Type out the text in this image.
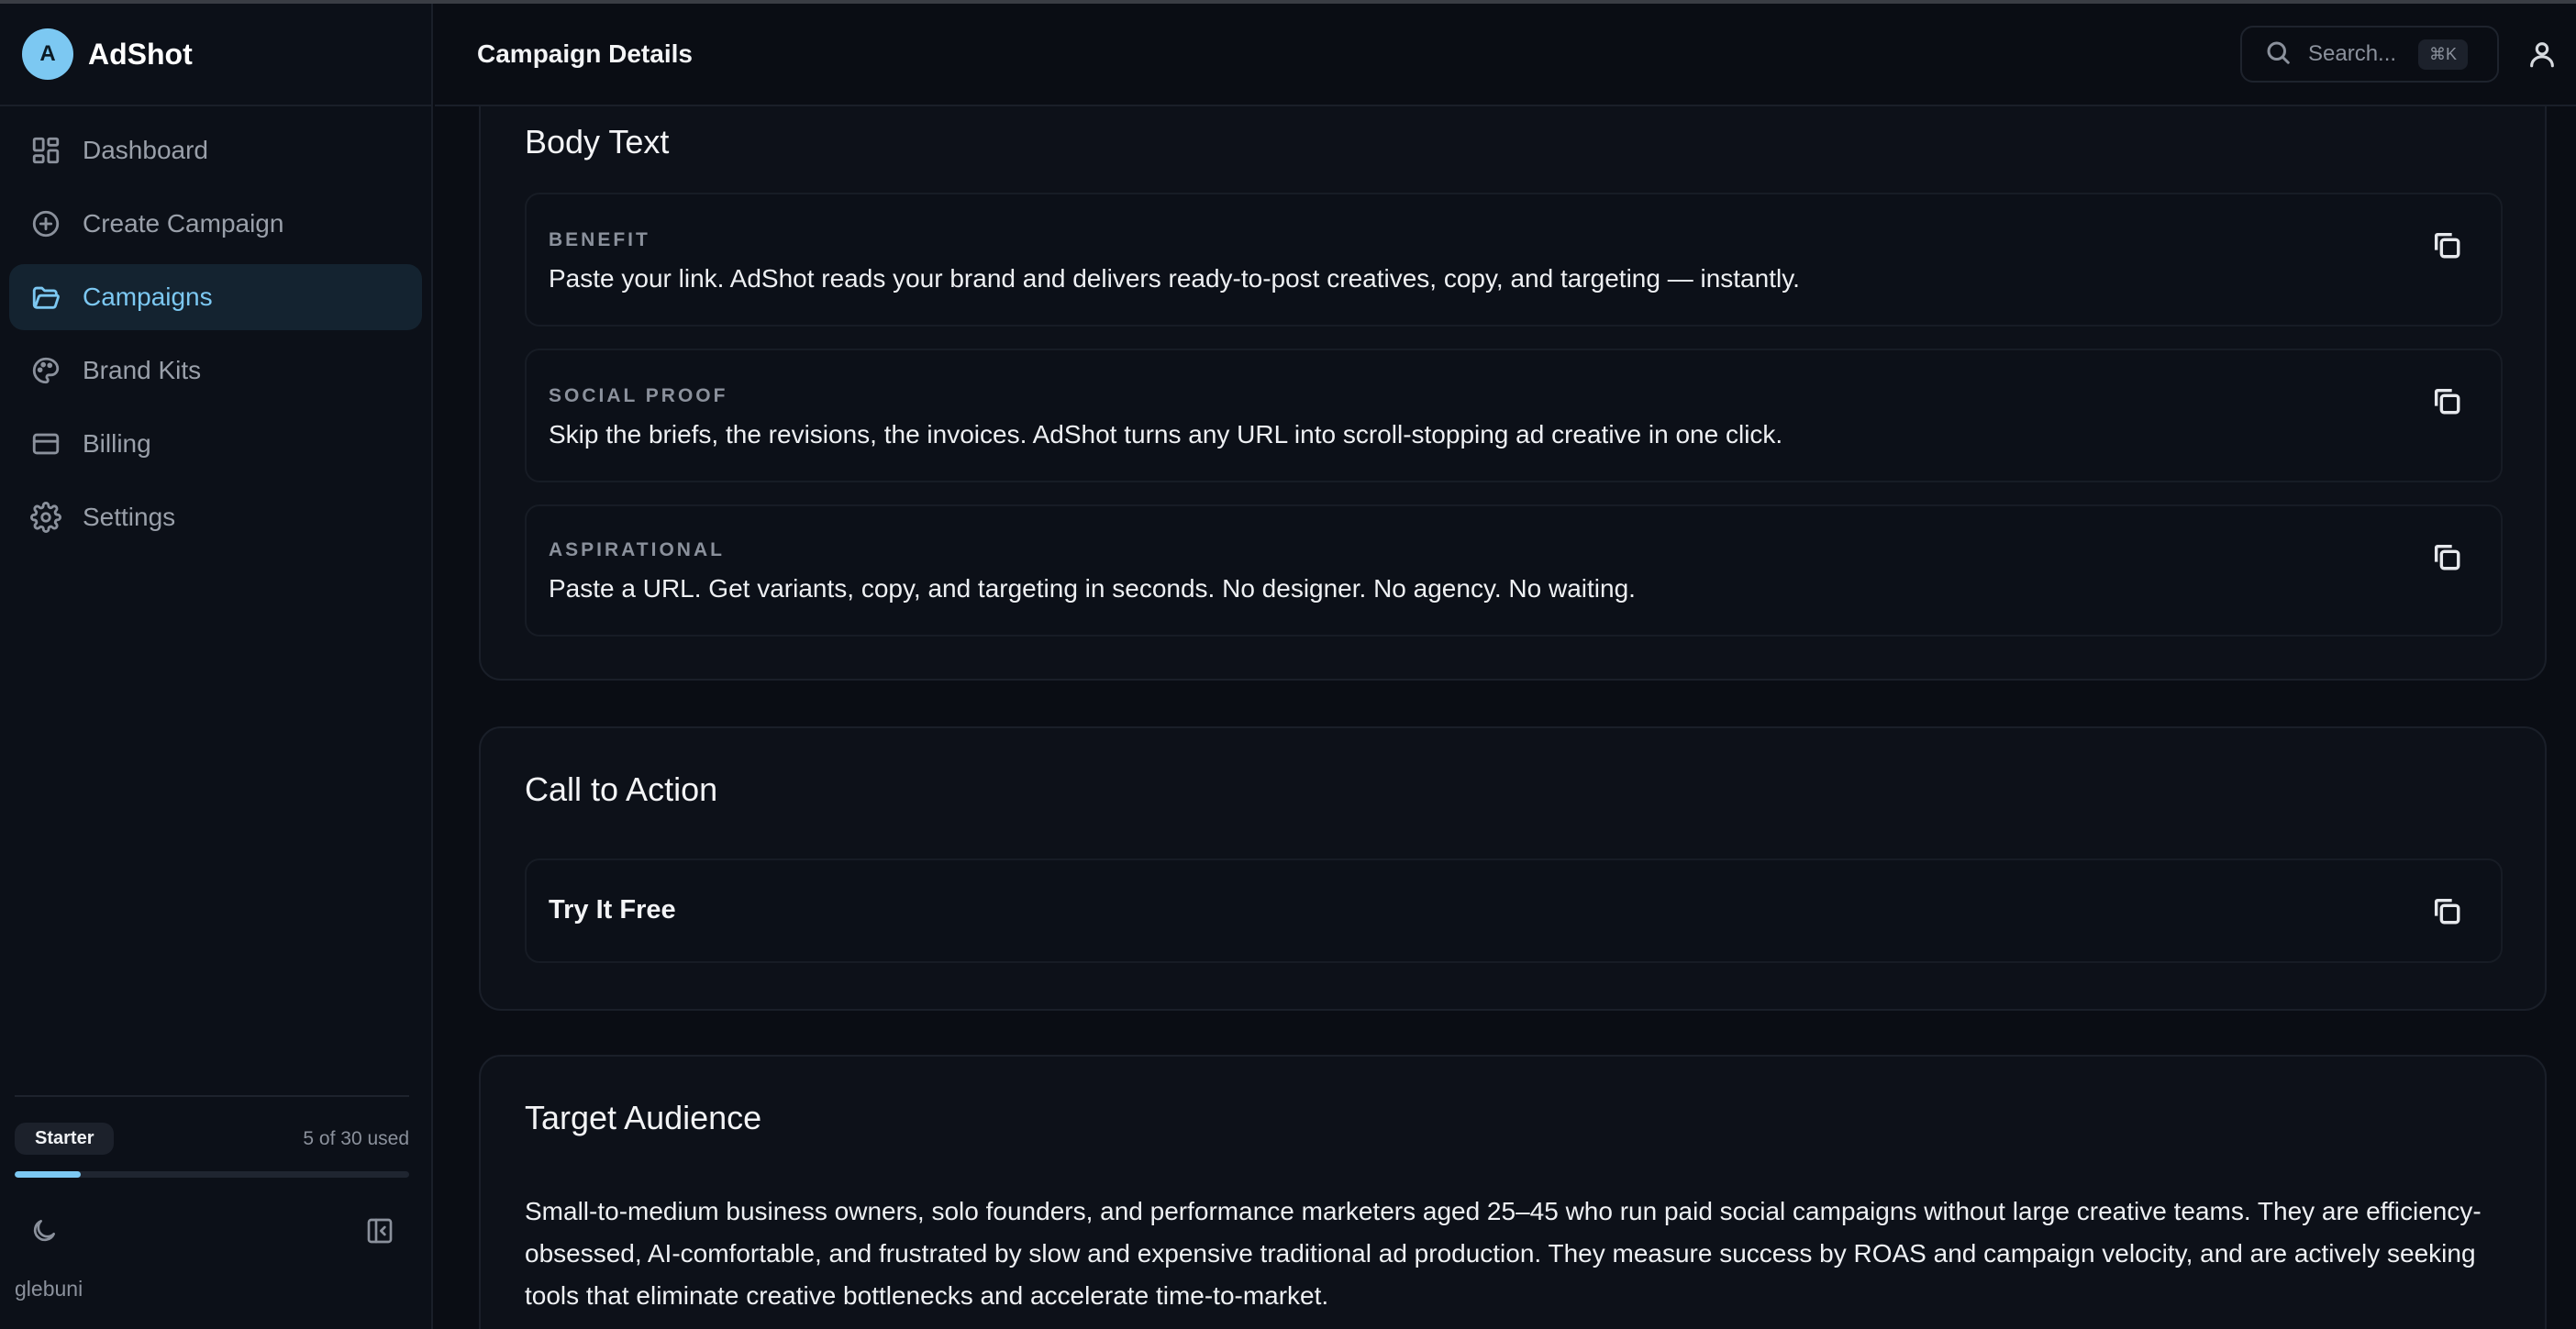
A	AdShot
Dashboard
Create Campaign
Campaigns
Brand Kits
Billing
Settings
Starter	5 of 30 used
glebuni
Campaign Details	Search...	⌘K
Body Text
BENEFIT
Paste your link. AdShot reads your brand and delivers ready-to-post creatives, copy, and targeting — instantly.
SOCIAL PROOF
Skip the briefs, the revisions, the invoices. AdShot turns any URL into scroll-stopping ad creative in one click.
ASPIRATIONAL
Paste a URL. Get variants, copy, and targeting in seconds. No designer. No agency. No waiting.
Call to Action
Try It Free
Target Audience

Small-to-medium business owners, solo founders, and performance marketers aged 25–45 who run paid social campaigns without large creative teams. They are efficiency-obsessed, AI-comfortable, and frustrated by slow and expensive traditional ad production. They measure success by ROAS and campaign velocity, and are actively seeking tools that eliminate creative bottlenecks and accelerate time-to-market.
